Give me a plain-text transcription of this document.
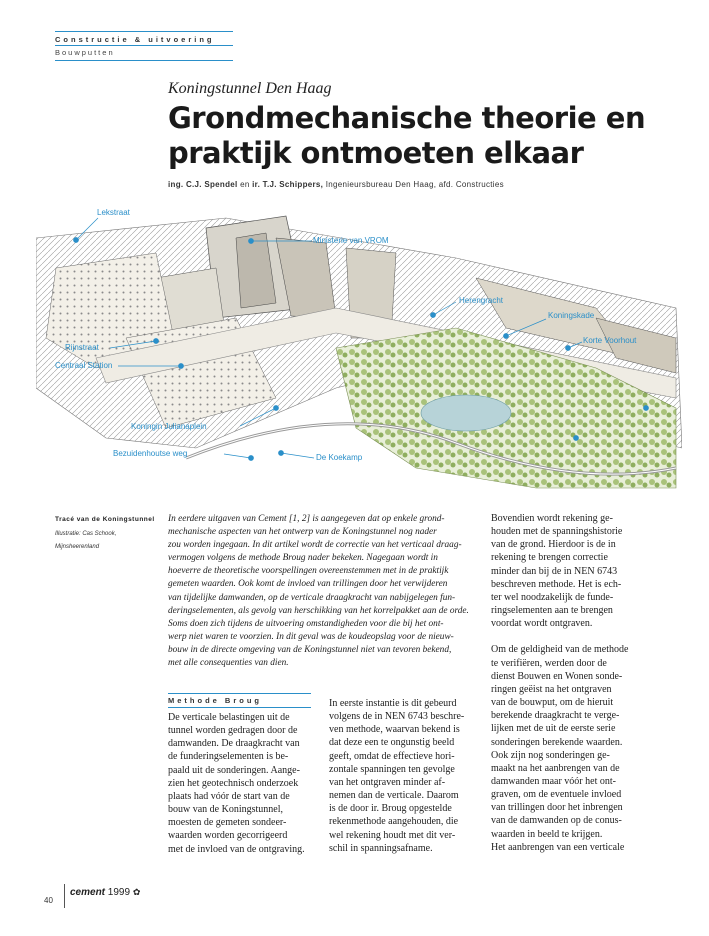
Constructie & uitvoering
Bouwputten
Koningstunnel Den Haag
Grondmechanische theorie en
praktijk ontmoeten elkaar
ing. C.J. Spendel en ir. T.J. Schippers, Ingenieursbureau Den Haag, afd. Constructies
Lekstraat
Ministerie van VROM
Herengracht
Koningskade
Korte Voorhout
Rijnstraat
Centraal Station
Koningin Julianaplein
Bezuidenhoutse weg	De Koekamp
Tracé van de Koningstunnel
Illustratie: Cas Schook,
Mijnsheerenland
In eerdere uitgaven van Cement [1, 2] is aangegeven dat op enkele grond-
mechanische aspecten van het ontwerp van de Koningstunnel nog nader
zou worden ingegaan. In dit artikel wordt de correctie van het verticaal draag-
vermogen volgens de methode Broug nader bekeken. Nagegaan wordt in
hoeverre de theoretische voorspellingen overeenstemmen met in de praktijk
gemeten waarden. Ook komt de invloed van trillingen door het verwijderen
van tijdelijke damwanden, op de verticale draagkracht van nabijgelegen fun-
deringselementen, als gevolg van herschikking van het korrelpakket aan de orde.
Soms doen zich tijdens de uitvoering omstandigheden voor die bij het ont-
werp niet waren te voorzien. In dit geval was de koudeopslag voor de nieuw-
bouw in de directe omgeving van de Koningstunnel niet van tevoren bekend,
met alle consequenties van dien.
Methode Broug
De verticale belastingen uit de
tunnel worden gedragen door de
damwanden. De draagkracht van
de funderingselementen is be-
paald uit de sonderingen. Aange-
zien het geotechnisch onderzoek
plaats had vóór de start van de
bouw van de Koningstunnel,
moesten de gemeten sondeer-
waarden worden gecorrigeerd
met de invloed van de ontgraving.
In eerste instantie is dit gebeurd
volgens de in NEN 6743 beschre-
ven methode, waarvan bekend is
dat deze een te ongunstig beeld
geeft, omdat de effectieve hori-
zontale spanningen ten gevolge
van het ontgraven minder af-
nemen dan de verticale. Daarom
is de door ir. Broug opgestelde
rekenmethode aangehouden, die
wel rekening houdt met dit ver-
schil in spanningsafname.

Bovendien wordt rekening ge-
houden met de spanningshistorie
van de grond. Hierdoor is de in
rekening te brengen correctie
minder dan bij de in NEN 6743
beschreven methode. Het is ech-
ter wel noodzakelijk de funde-
ringselementen aan te brengen
voordat wordt ontgraven.

Om de geldigheid van de methode
te verifiëren, werden door de
dienst Bouwen en Wonen sonde-
ringen geëist na het ontgraven
van de bouwput, om de hieruit
berekende draagkracht te verge-
lijken met de uit de eerste serie
sonderingen berekende waarden.
Ook zijn nog sonderingen ge-
maakt na het aanbrengen van de
damwanden maar vóór het ont-
graven, om de eventuele invloed
van trillingen door het inbrengen
van de damwanden op de conus-
waarden in beeld te krijgen.
Het aanbrengen van een verticale

40
cement 1999 ✿
